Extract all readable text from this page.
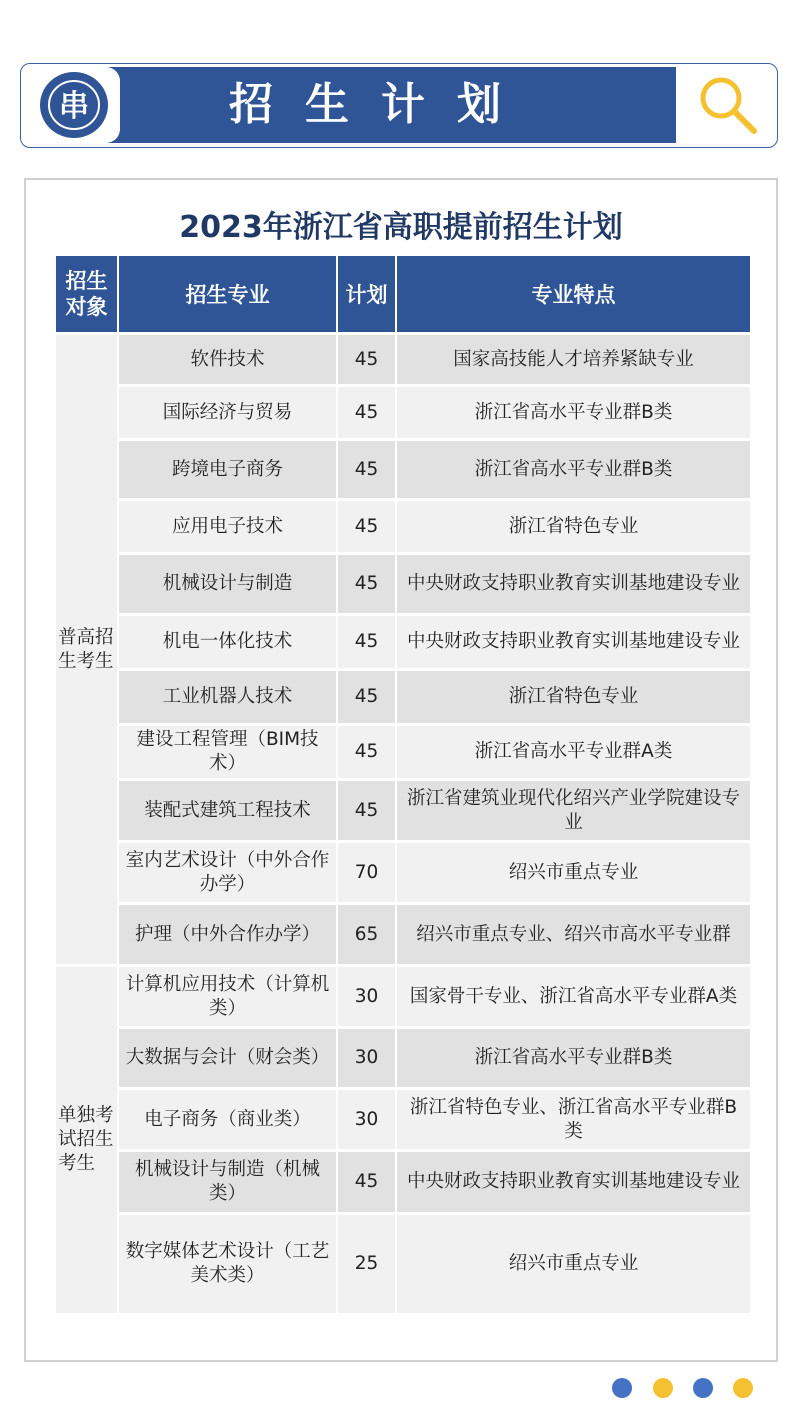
串	招生计划
2023年浙江省高职提前招生计划
招生对象	招生专业	计划	专业特点

普高招生考生	软件技术	45	国家高技能人才培养紧缺专业
	国际经济与贸易	45	浙江省高水平专业群B类
	跨境电子商务	45	浙江省高水平专业群B类
	应用电子技术	45	浙江省特色专业
	机械设计与制造	45	中央财政支持职业教育实训基地建设专业
	机电一体化技术	45	中央财政支持职业教育实训基地建设专业
	工业机器人技术	45	浙江省特色专业
	建设工程管理（BIM技术）	45	浙江省高水平专业群A类
	装配式建筑工程技术	45	浙江省建筑业现代化绍兴产业学院建设专业
	室内艺术设计（中外合作办学）	70	绍兴市重点专业
	护理（中外合作办学）	65	绍兴市重点专业、绍兴市高水平专业群

单独考试招生考生	计算机应用技术（计算机类）	30	国家骨干专业、浙江省高水平专业群A类
	大数据与会计（财会类）	30	浙江省高水平专业群B类
	电子商务（商业类）	30	浙江省特色专业、浙江省高水平专业群B类
	机械设计与制造（机械类）	45	中央财政支持职业教育实训基地建设专业
	数字媒体艺术设计（工艺美术类）	25	绍兴市重点专业
